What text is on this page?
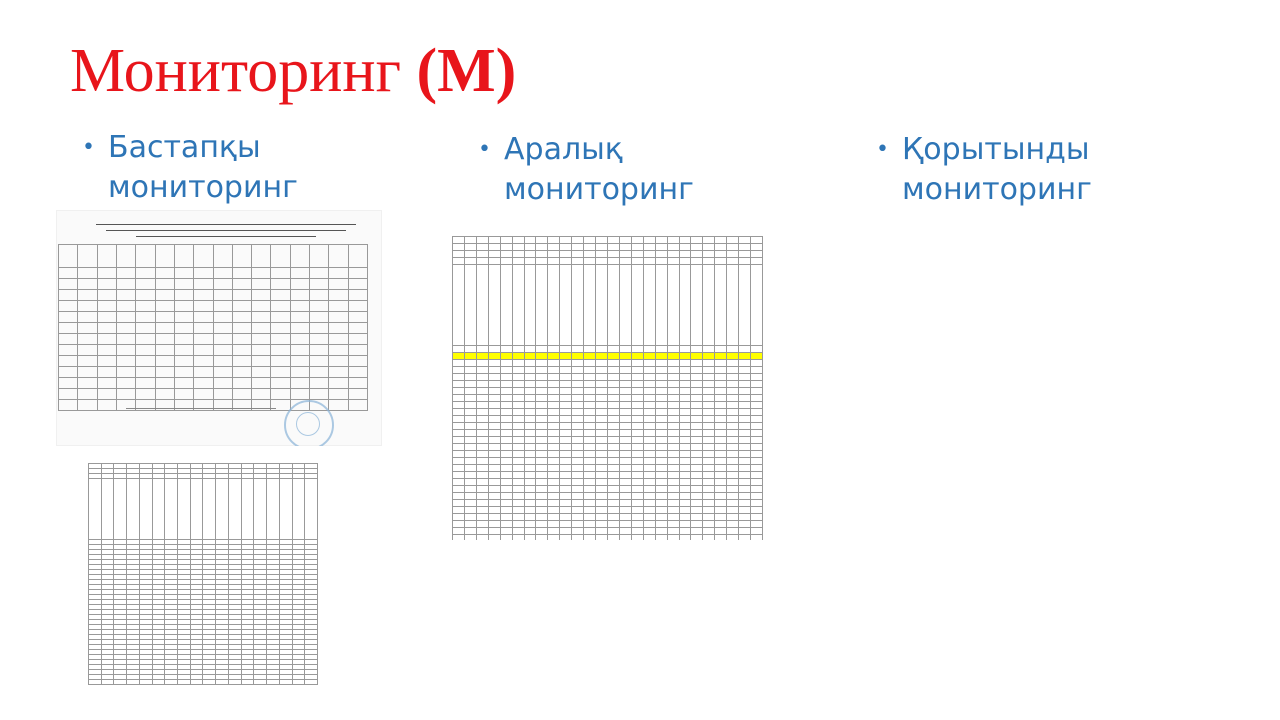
Мониторинг (М)
• Бастапқы
мониторинг
• Аралық
мониторинг
• Қорытынды
мониторинг
